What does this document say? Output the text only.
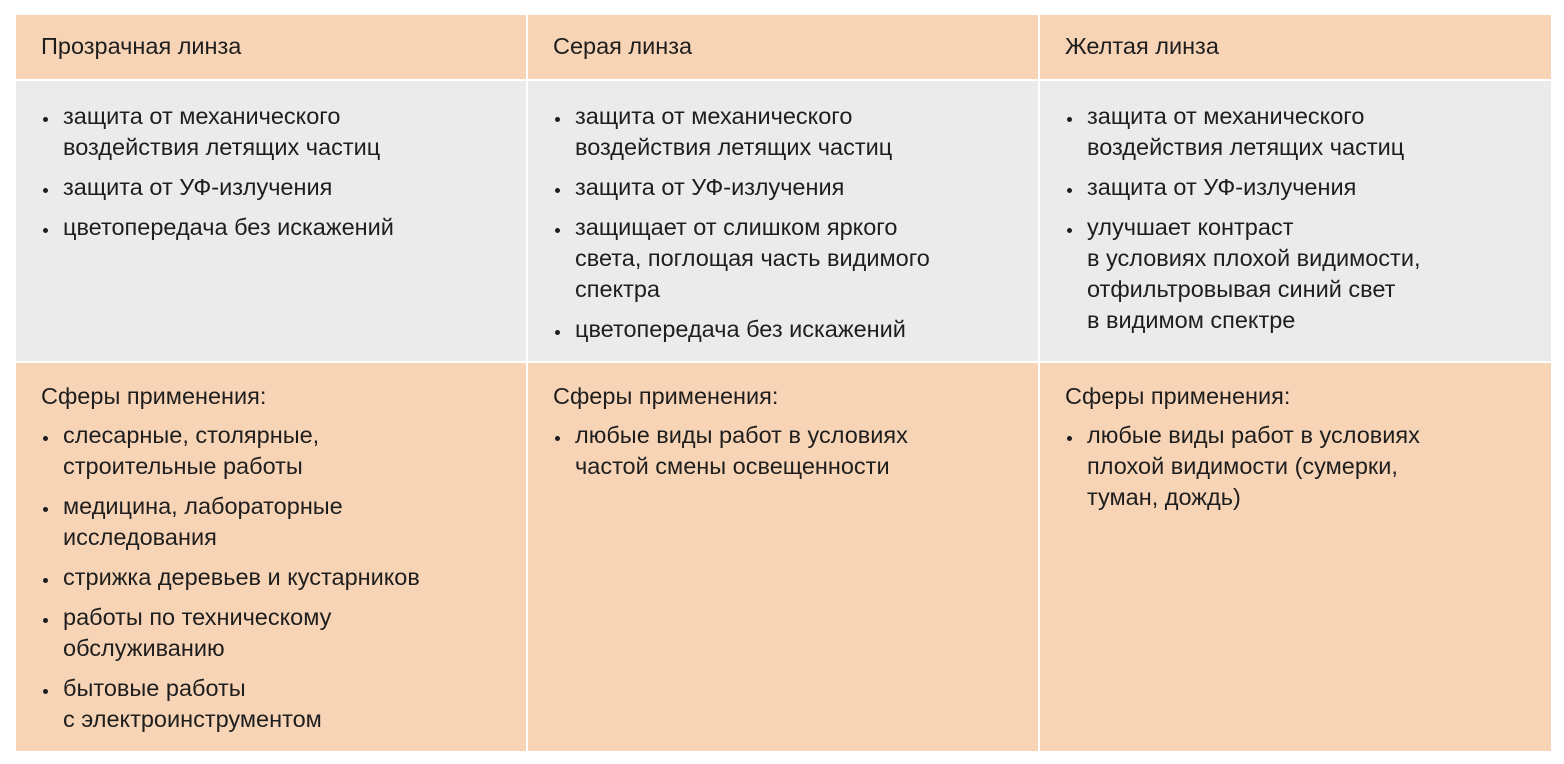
Прозрачная линза	Серая линза	Желтая линза
защита от механического
воздействия летящих частиц
защита от УФ-излучения
цветопередача без искажений
защита от механического
воздействия летящих частиц
защита от УФ-излучения
защищает от слишком яркого
света, поглощая часть видимого
спектра
цветопередача без искажений
защита от механического
воздействия летящих частиц
защита от УФ-излучения
улучшает контраст
в условиях плохой видимости,
отфильтровывая синий свет
в видимом спектре
Сферы применения:
слесарные, столярные,
строительные работы
медицина, лабораторные
исследования
стрижка деревьев и кустарников
работы по техническому
обслуживанию
бытовые работы
с электроинструментом
Сферы применения:
любые виды работ в условиях
частой смены освещенности
Сферы применения:
любые виды работ в условиях
плохой видимости (сумерки,
туман, дождь)
